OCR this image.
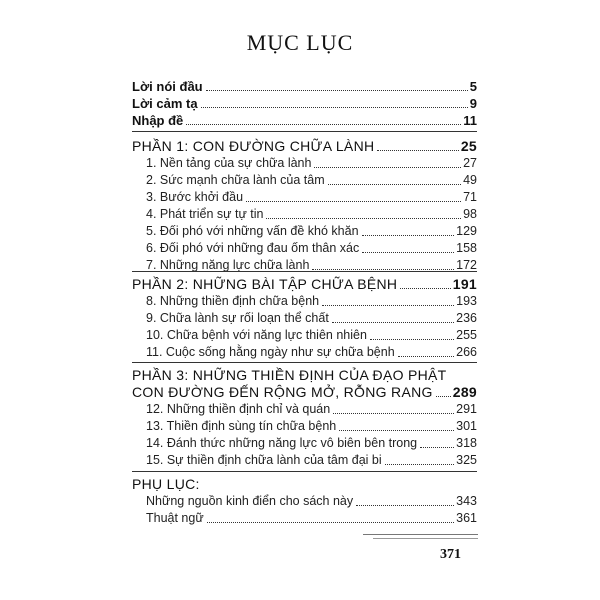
MỤC LỤC
Lời nói đầu	5
Lời cảm tạ	9
Nhập đề	11
PHẦN 1: CON ĐƯỜNG CHỮA LÀNH	25
1. Nền tảng của sự chữa lành	27
2. Sức mạnh chữa lành của tâm	49
3. Bước khởi đầu	71
4. Phát triển sự tự tin	98
5. Đối phó với những vấn đề khó khăn	129
6. Đối phó với những đau ốm thân xác	158
7. Những năng lực chữa lành	172
PHẦN 2: NHỮNG BÀI TẬP CHỮA BỆNH	191
8. Những thiền định chữa bệnh	193
9. Chữa lành sự rối loạn thể chất	236
10. Chữa bệnh với năng lực thiên nhiên	255
11. Cuộc sống hằng ngày như sự chữa bệnh	266
PHẦN 3: NHỮNG THIỀN ĐỊNH CỦA ĐẠO PHẬT
CON ĐƯỜNG ĐẾN RỘNG MỞ, RỖNG RANG 289
12. Những thiền định chỉ và quán	291
13. Thiền định sùng tín chữa bệnh	301
14. Đánh thức những năng lực vô biên bên trong	318
15. Sự thiền định chữa lành của tâm đại bi	325
PHỤ LỤC:
Những nguồn kinh điển cho sách này	343
Thuật ngữ	361
371
